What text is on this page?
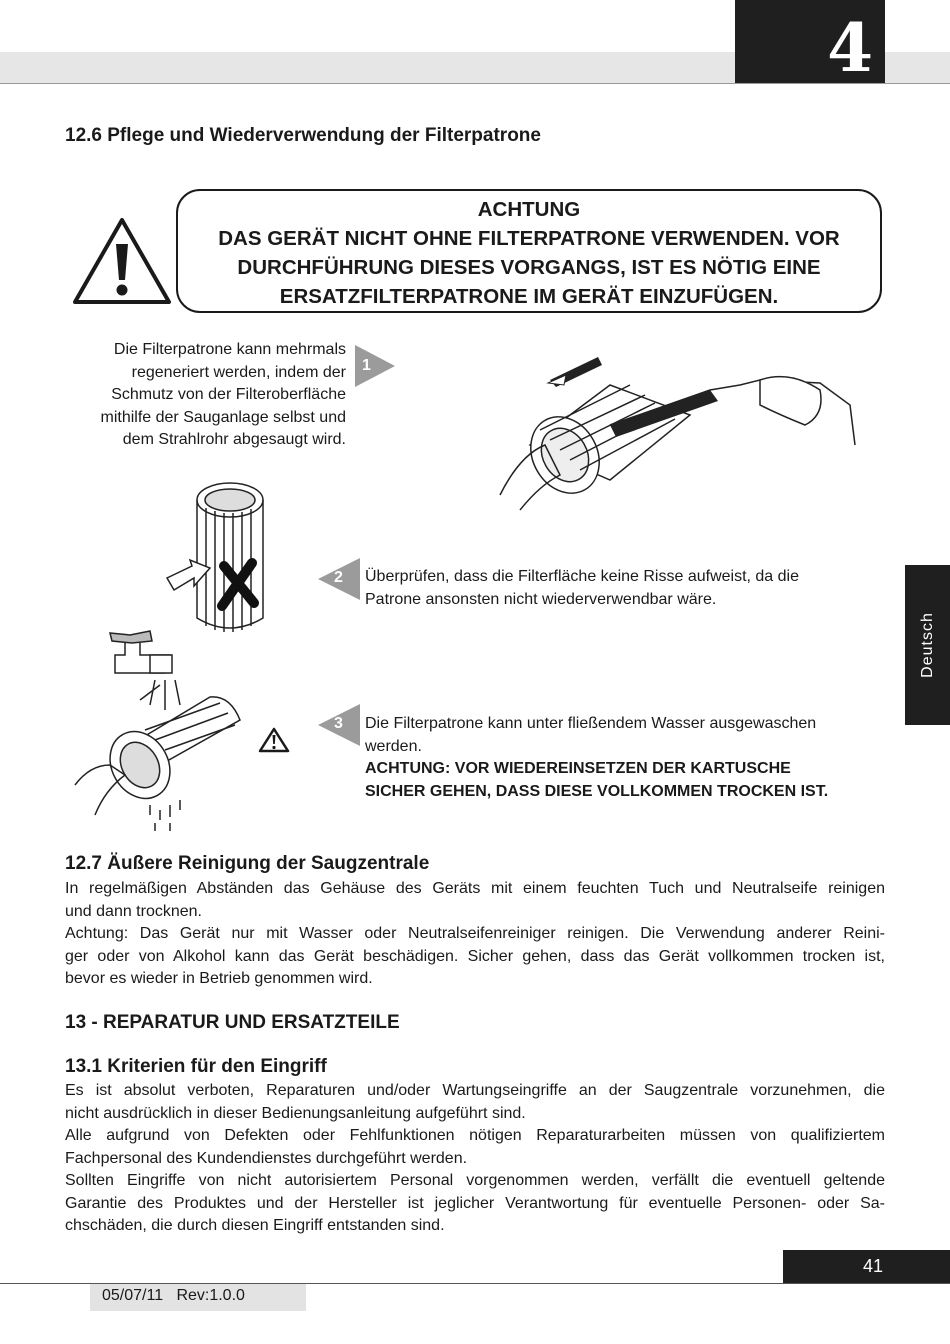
4
12.6 Pflege und Wiederverwendung der Filterpatrone
ACHTUNG
DAS GERÄT NICHT OHNE FILTERPATRONE VERWENDEN. VOR
DURCHFÜHRUNG DIESES VORGANGS, IST ES NÖTIG EINE
ERSATZFILTERPATRONE IM GERÄT EINZUFÜGEN.
Die Filterpatrone kann mehrmals
regeneriert werden, indem der
Schmutz von der Filteroberfläche
mithilfe der Sauganlage selbst und
dem Strahlrohr abgesaugt wird.
1
2 Überprüfen, dass die Filterfläche keine Risse aufweist, da die
Patrone ansonsten nicht wiederverwendbar wäre.
3 Die Filterpatrone kann unter fließendem Wasser ausgewaschen
werden.
ACHTUNG: VOR WIEDEREINSETZEN DER KARTUSCHE
SICHER GEHEN, DASS DIESE VOLLKOMMEN TROCKEN IST.
Deutsch
12.7 Äußere Reinigung der Saugzentrale
In regelmäßigen Abständen das Gehäuse des Geräts mit einem feuchten Tuch und Neutralseife reinigen
und dann trocknen.
Achtung: Das Gerät nur mit Wasser oder Neutralseifenreiniger reinigen. Die Verwendung anderer Reini-
ger oder von Alkohol kann das Gerät beschädigen. Sicher gehen, dass das Gerät vollkommen trocken ist,
bevor es wieder in Betrieb genommen wird.
13 - REPARATUR UND ERSATZTEILE
13.1 Kriterien für den Eingriff
Es ist absolut verboten, Reparaturen und/oder Wartungseingriffe an der Saugzentrale vorzunehmen, die
nicht ausdrücklich in dieser Bedienungsanleitung aufgeführt sind.
Alle aufgrund von Defekten oder Fehlfunktionen nötigen Reparaturarbeiten müssen von qualifiziertem
Fachpersonal des Kundendienstes durchgeführt werden.
Sollten Eingriffe von nicht autorisiertem Personal vorgenommen werden, verfällt die eventuell geltende
Garantie des Produktes und der Hersteller ist jeglicher Verantwortung für eventuelle Personen- oder Sa-
chschäden, die durch diesen Eingriff entstanden sind.
41
05/07/11 Rev:1.0.0
